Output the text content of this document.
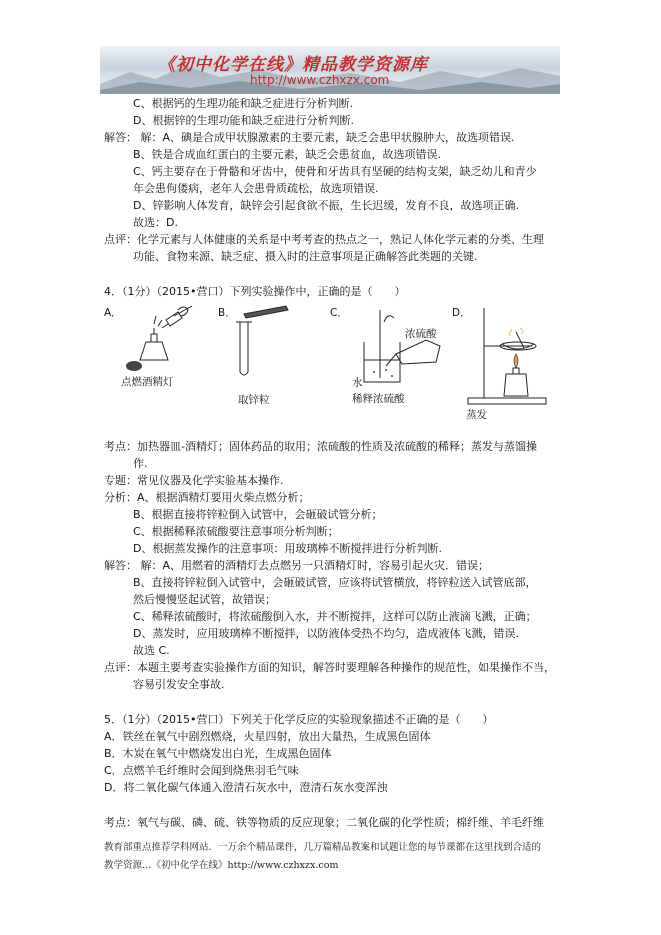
《初中化学在线》精品教学资源库
http://www.czhxzx.com
C、根据钙的生理功能和缺乏症进行分析判断.
D、根据锌的生理功能和缺乏症进行分析判断.
解答： 解：A、碘是合成甲状腺激素的主要元素，缺乏会患甲状腺肿大，故选项错误.
B、铁是合成血红蛋白的主要元素，缺乏会患贫血，故选项错误.
C、钙主要存在于骨骼和牙齿中，使骨和牙齿具有坚硬的结构支架，缺乏幼儿和青少
年会患佝偻病，老年人会患骨质疏松，故选项错误.
D、锌影响人体发育，缺锌会引起食欲不振，生长迟缓，发育不良，故选项正确.
故选：D.
点评：化学元素与人体健康的关系是中考考查的热点之一，熟记人体化学元素的分类、生理
功能、食物来源、缺乏症、摄入时的注意事项是正确解答此类题的关键.
4．（1分）（2015•营口）下列实验操作中，正确的是（　　）
A．
点燃酒精灯
B．
取锌粒
C．
浓硫酸
水
稀释浓硫酸
D．
蒸发
考点：加热器皿-酒精灯；固体药品的取用；浓硫酸的性质及浓硫酸的稀释；蒸发与蒸馏操
作.
专题：常见仪器及化学实验基本操作.
分析：A、根据酒精灯要用火柴点燃分析；
B、根据直接将锌粒倒入试管中，会砸破试管分析；
C、根据稀释浓硫酸要注意事项分析判断；
D、根据蒸发操作的注意事项：用玻璃棒不断搅拌进行分析判断.
解答： 解：A、用燃着的酒精灯去点燃另一只酒精灯时，容易引起火灾．错误；
B、直接将锌粒倒入试管中，会砸破试管，应该将试管横放，将锌粒送入试管底部，
然后慢慢竖起试管，故错误；
C、稀释浓硫酸时，将浓硫酸倒入水，并不断搅拌，这样可以防止液滴飞溅，正确；
D、蒸发时，应用玻璃棒不断搅拌，以防液体受热不均匀，造成液体飞溅，错误.
故选 C.
点评：本题主要考查实验操作方面的知识，解答时要理解各种操作的规范性，如果操作不当，
容易引发安全事故.
5．（1分）（2015•营口）下列关于化学反应的实验现象描述不正确的是（　　）
A．铁丝在氧气中剧烈燃烧，火星四射，放出大量热，生成黑色固体
B．木炭在氧气中燃烧发出白光，生成黑色固体
C．点燃羊毛纤维时会闻到烧焦羽毛气味
D．将二氧化碳气体通入澄清石灰水中，澄清石灰水变浑浊
考点：氧气与碳、磷、硫、铁等物质的反应现象；二氧化碳的化学性质；棉纤维、羊毛纤维
教育部重点推荐学科网站．一万余个精品课件，几万篇精品教案和试题让您的每节课都在这里找到合适的
教学资源…《初中化学在线》http://www.czhxzx.com
